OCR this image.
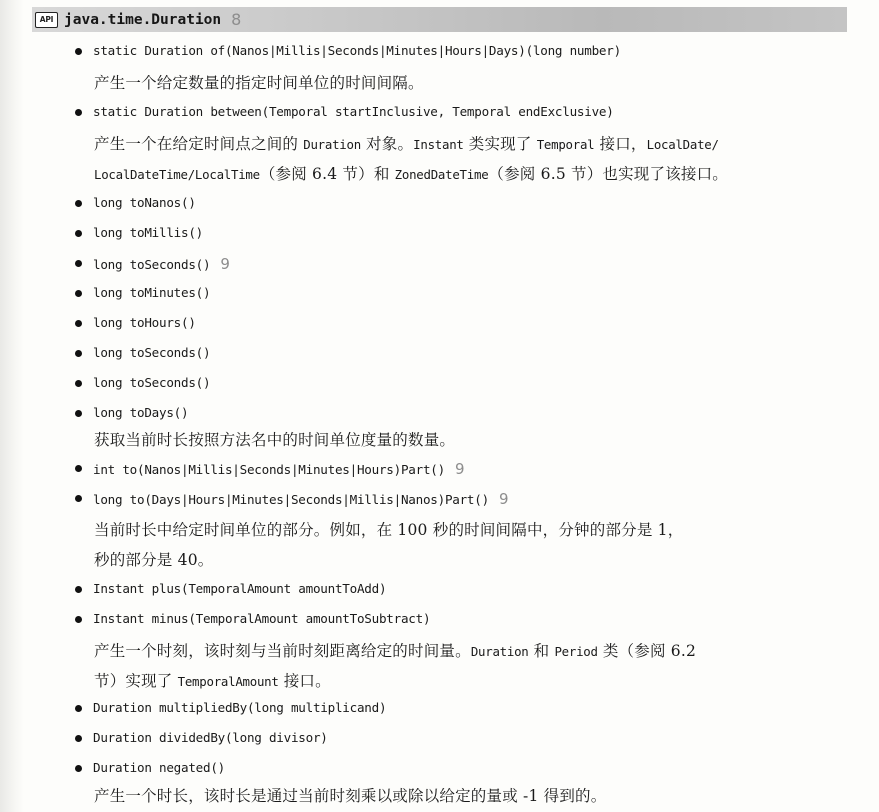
API java.time.Duration 8
static Duration of(Nanos|Millis|Seconds|Minutes|Hours|Days)(long number)
产生一个给定数量的指定时间单位的时间间隔。
static Duration between(Temporal startInclusive, Temporal endExclusive)
产生一个在给定时间点之间的 Duration 对象。Instant 类实现了 Temporal 接口，LocalDate/
LocalDateTime/LocalTime（参阅 6.4 节）和 ZonedDateTime（参阅 6.5 节）也实现了该接口。
long toNanos()
long toMillis()
long toSeconds() 9
long toMinutes()
long toHours()
long toSeconds()
long toSeconds()
long toDays()
获取当前时长按照方法名中的时间单位度量的数量。
int to(Nanos|Millis|Seconds|Minutes|Hours)Part() 9
long to(Days|Hours|Minutes|Seconds|Millis|Nanos)Part() 9
当前时长中给定时间单位的部分。例如，在 100 秒的时间间隔中，分钟的部分是 1，
秒的部分是 40。
Instant plus(TemporalAmount amountToAdd)
Instant minus(TemporalAmount amountToSubtract)
产生一个时刻，该时刻与当前时刻距离给定的时间量。Duration 和 Period 类（参阅 6.2
节）实现了 TemporalAmount 接口。
Duration multipliedBy(long multiplicand)
Duration dividedBy(long divisor)
Duration negated()
产生一个时长，该时长是通过当前时刻乘以或除以给定的量或 -1 得到的。
